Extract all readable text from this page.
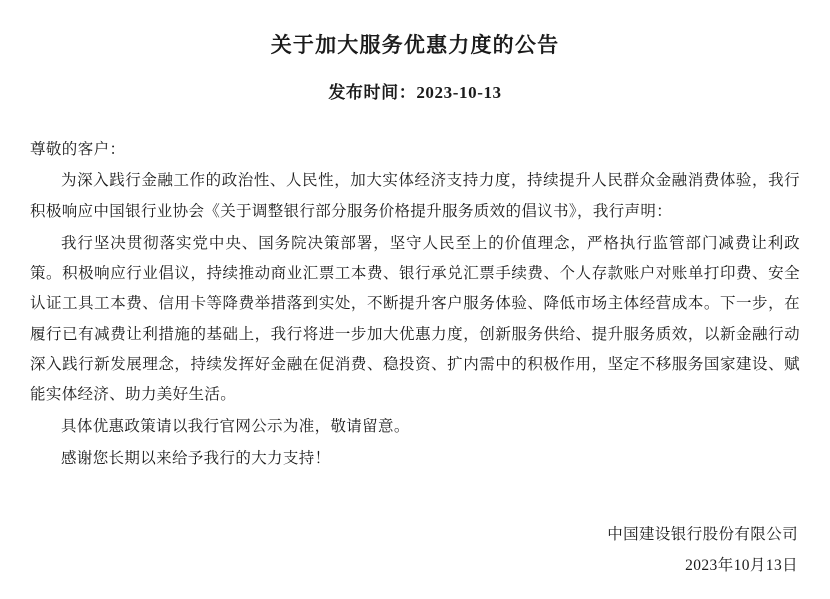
关于加大服务优惠力度的公告
发布时间：2023-10-13

尊敬的客户：

为深入践行金融工作的政治性、人民性，加大实体经济支持力度，持续提升人民群众金融消费体验，我行积极响应中国银行业协会《关于调整银行部分服务价格提升服务质效的倡议书》，我行声明：

我行坚决贯彻落实党中央、国务院决策部署，坚守人民至上的价值理念，严格执行监管部门减费让利政策。积极响应行业倡议，持续推动商业汇票工本费、银行承兑汇票手续费、个人存款账户对账单打印费、安全认证工具工本费、信用卡等降费举措落到实处，不断提升客户服务体验、降低市场主体经营成本。下一步，在履行已有减费让利措施的基础上，我行将进一步加大优惠力度，创新服务供给、提升服务质效，以新金融行动深入践行新发展理念，持续发挥好金融在促消费、稳投资、扩内需中的积极作用，坚定不移服务国家建设、赋能实体经济、助力美好生活。

具体优惠政策请以我行官网公示为准，敬请留意。

感谢您长期以来给予我行的大力支持！

中国建设银行股份有限公司
2023年10月13日
